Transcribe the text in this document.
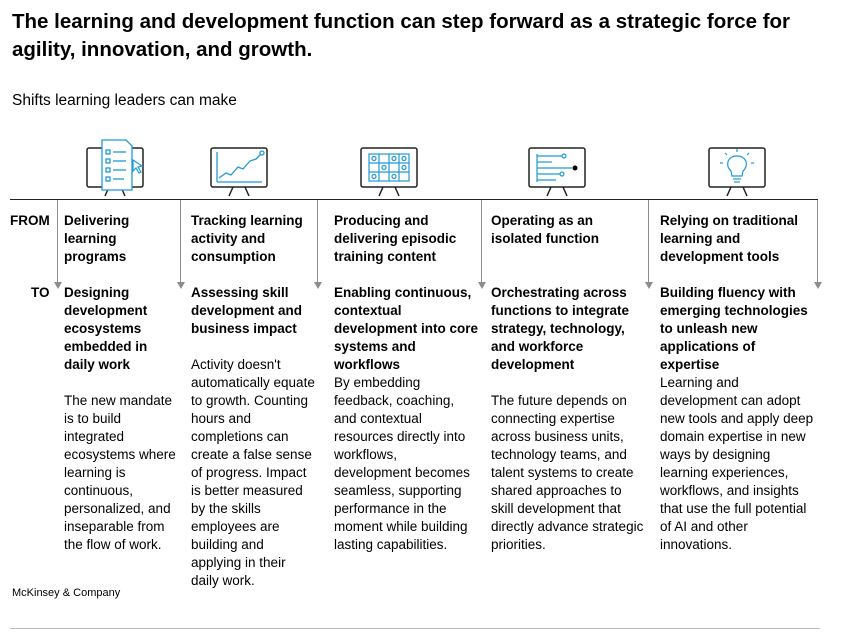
The learning and development function can step forward as a strategic force for agility, innovation, and growth.
Shifts learning leaders can make
FROM
TO
Delivering learning programs
Designing development ecosystems embedded in daily work
The new mandate is to build integrated ecosystems where learning is continuous, personalized, and inseparable from the flow of work.
Tracking learning activity and consumption
Assessing skill development and business impact
Activity doesn't automatically equate to growth. Counting hours and completions can create a false sense of progress. Impact is better measured by the skills employees are building and applying in their daily work.
Producing and delivering episodic training content
Enabling continuous, contextual development into core systems and workflows
By embedding feedback, coaching, and contextual resources directly into workflows, development becomes seamless, supporting performance in the moment while building lasting capabilities.
Operating as an isolated function
Orchestrating across functions to integrate strategy, technology, and workforce development
The future depends on connecting expertise across business units, technology teams, and talent systems to create shared approaches to skill development that directly advance strategic priorities.
Relying on traditional learning and development tools
Building fluency with emerging technologies to unleash new applications of expertise
Learning and development can adopt new tools and apply deep domain expertise in new ways by designing learning experiences, workflows, and insights that use the full potential of AI and other innovations.
McKinsey & Company
